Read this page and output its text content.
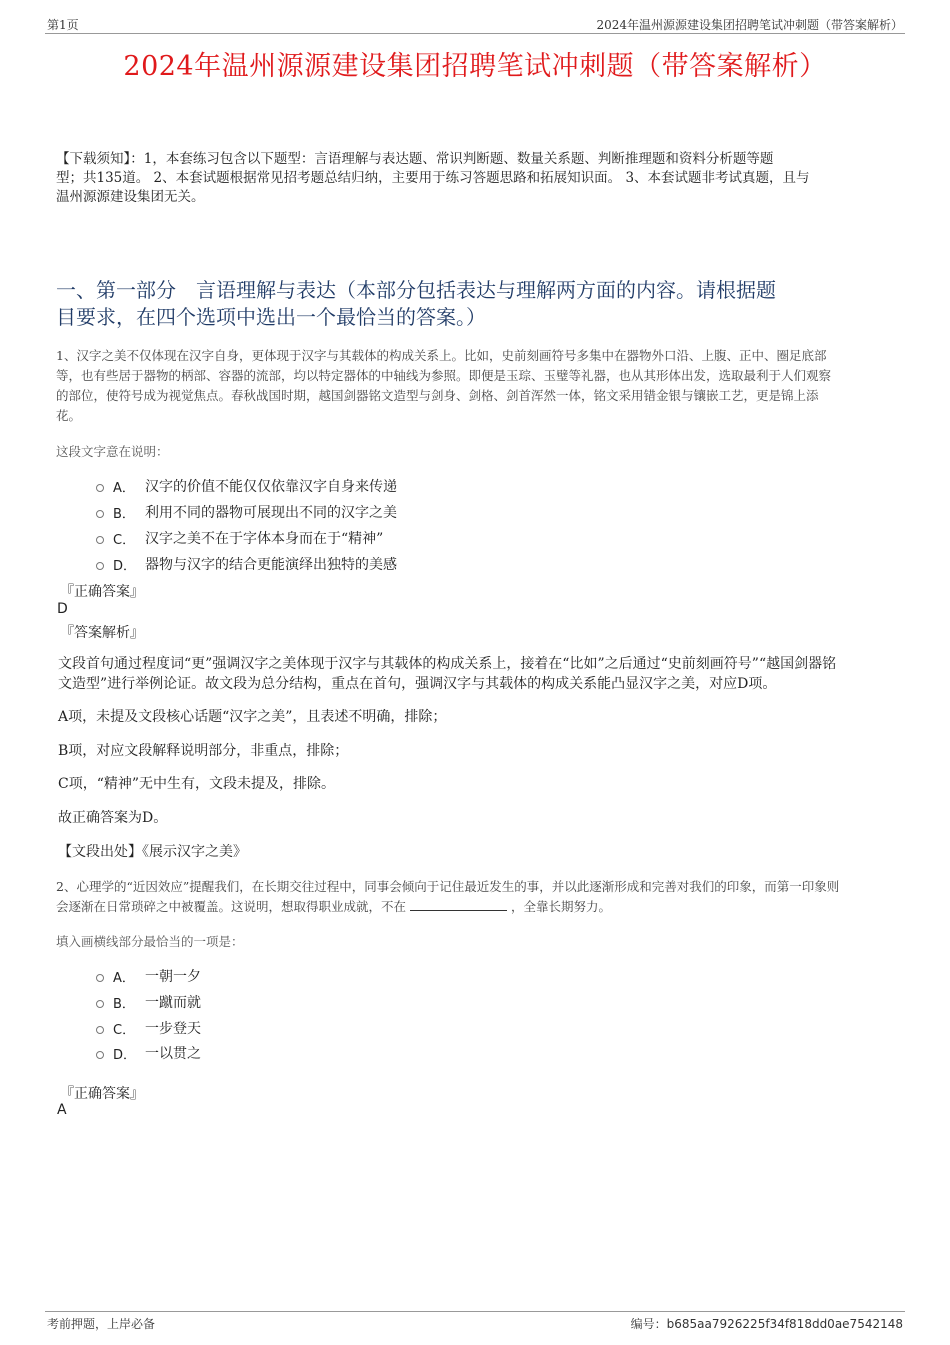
第1页	2024年温州源源建设集团招聘笔试冲刺题（带答案解析）
2024年温州源源建设集团招聘笔试冲刺题（带答案解析）
【下载须知】：1，本套练习包含以下题型：言语理解与表达题、常识判断题、数量关系题、判断推理题和资料分析题等题
型；共135道。 2、本套试题根据常见招考题总结归纳，主要用于练习答题思路和拓展知识面。 3、本套试题非考试真题，且与
温州源源建设集团无关。
一、第一部分　言语理解与表达（本部分包括表达与理解两方面的内容。请根据题
目要求，在四个选项中选出一个最恰当的答案。）
1、汉字之美不仅体现在汉字自身，更体现于汉字与其载体的构成关系上。比如，史前刻画符号多集中在器物外口沿、上腹、正中、圈足底部
等，也有些居于器物的柄部、容器的流部，均以特定器体的中轴线为参照。即便是玉琮、玉璧等礼器，也从其形体出发，选取最利于人们观察
的部位，使符号成为视觉焦点。春秋战国时期，越国剑器铭文造型与剑身、剑格、剑首浑然一体，铭文采用错金银与镶嵌工艺，更是锦上添
花。
这段文字意在说明：
A． 汉字的价值不能仅仅依靠汉字自身来传递
B． 利用不同的器物可展现出不同的汉字之美
C． 汉字之美不在于字体本身而在于“精神”
D． 器物与汉字的结合更能演绎出独特的美感
『正确答案』
D
『答案解析』
文段首句通过程度词“更”强调汉字之美体现于汉字与其载体的构成关系上，接着在“比如”之后通过“史前刻画符号”“越国剑器铭
文造型”进行举例论证。故文段为总分结构，重点在首句，强调汉字与其载体的构成关系能凸显汉字之美，对应D项。
A项，未提及文段核心话题“汉字之美”，且表述不明确，排除；
B项，对应文段解释说明部分，非重点，排除；
C项，“精神”无中生有，文段未提及，排除。
故正确答案为D。
【文段出处】《展示汉字之美》
2、心理学的“近因效应”提醒我们，在长期交往过程中，同事会倾向于记住最近发生的事，并以此逐渐形成和完善对我们的印象，而第一印象则
会逐渐在日常琐碎之中被覆盖。这说明，想取得职业成就，不在	，全靠长期努力。
填入画横线部分最恰当的一项是：
A． 一朝一夕
B． 一蹴而就
C． 一步登天
D． 一以贯之
『正确答案』
A
考前押题，上岸必备	编号：b685aa7926225f34f818dd0ae7542148
